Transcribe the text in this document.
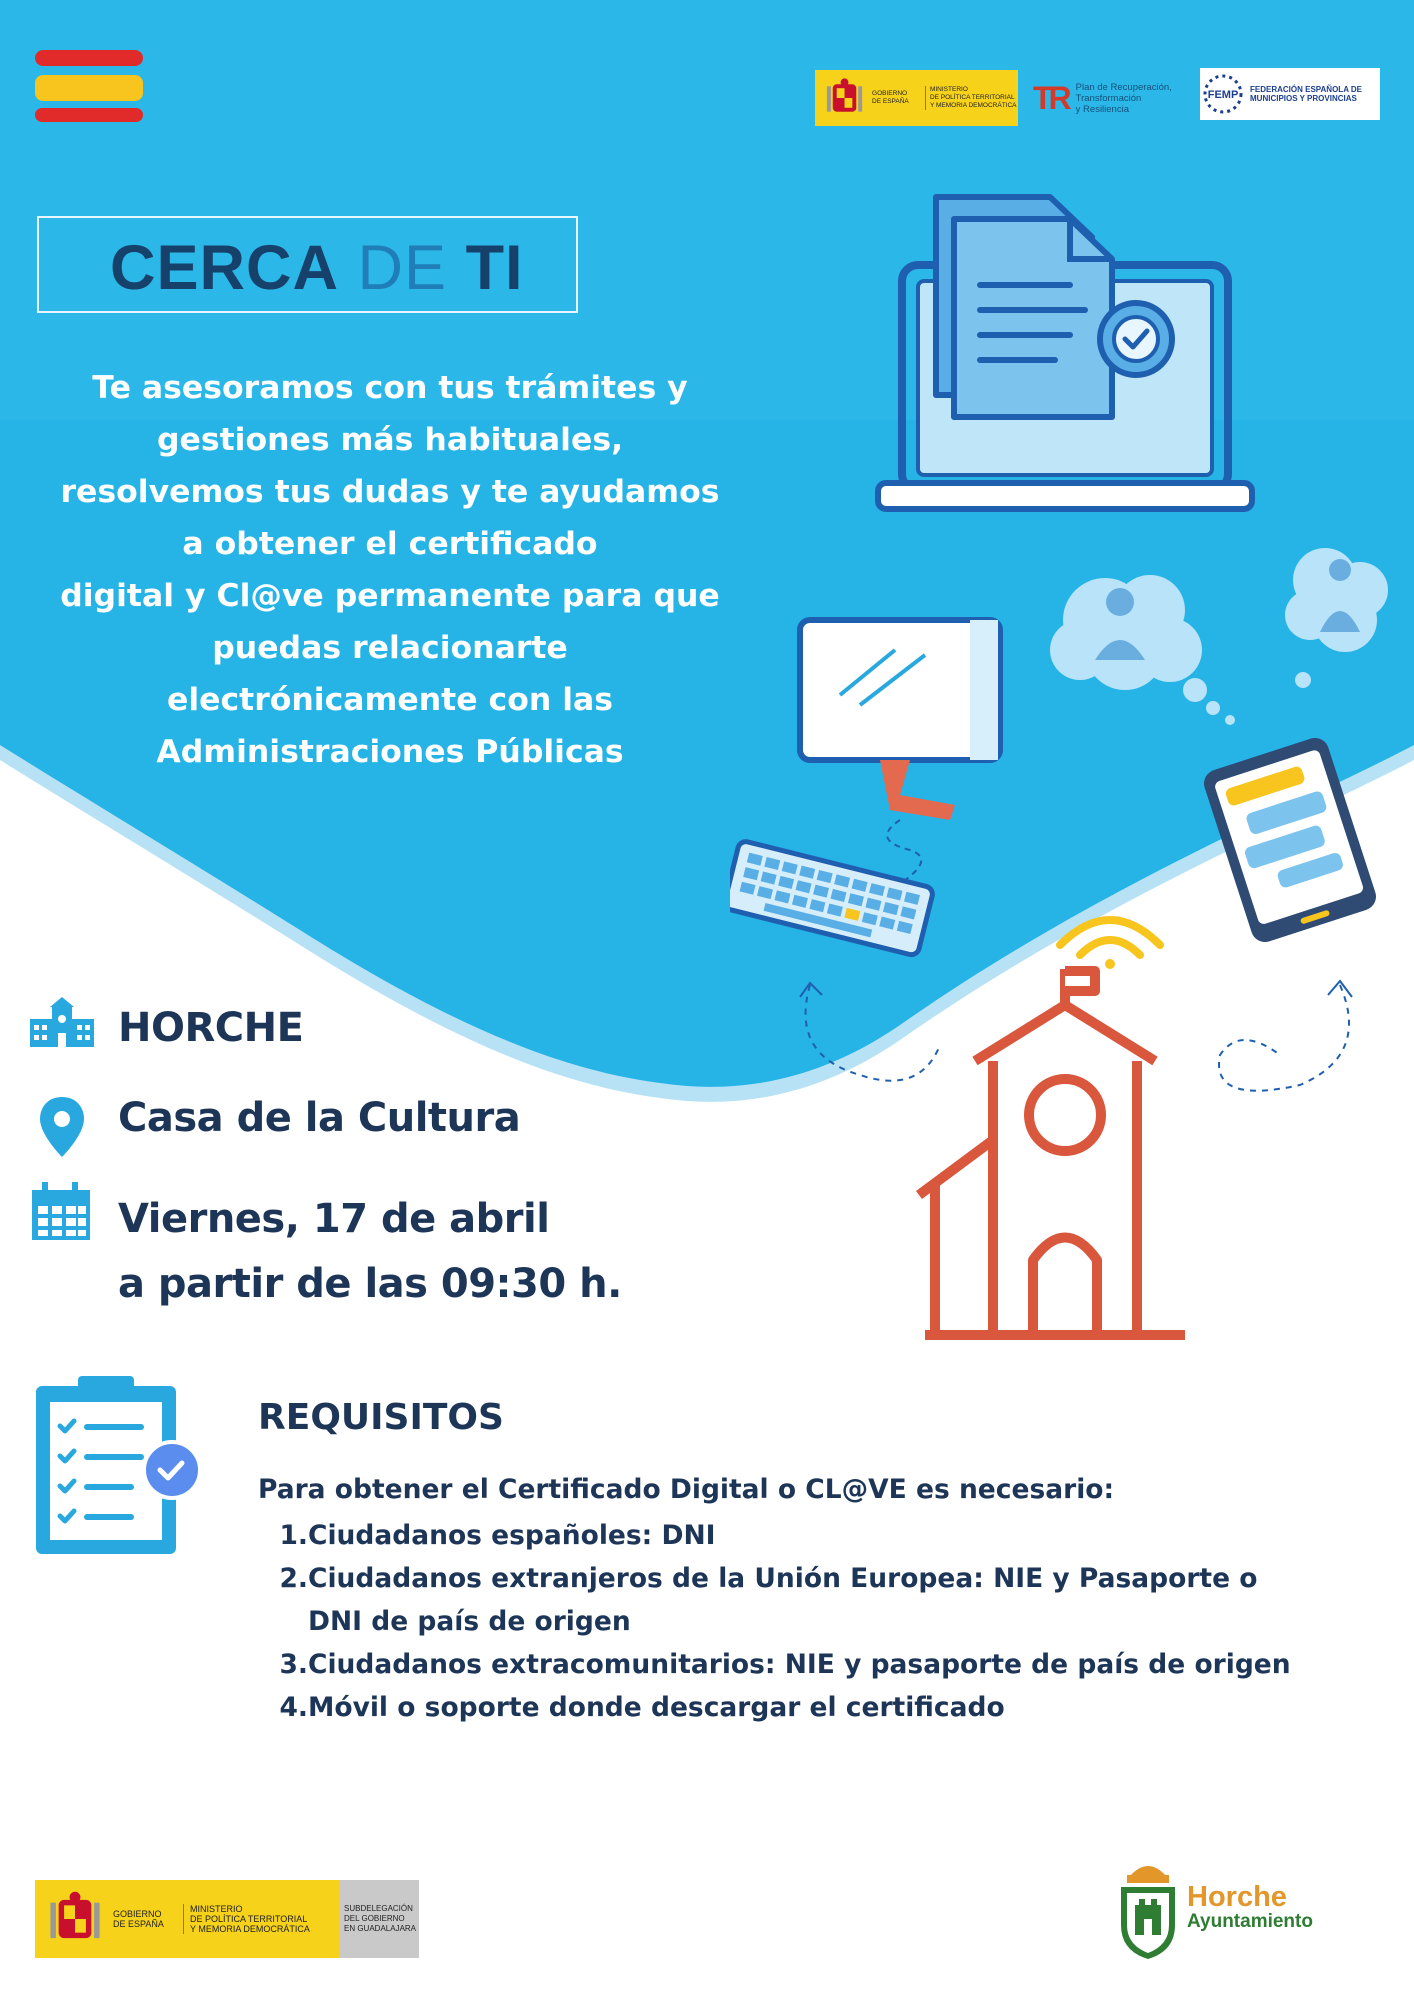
GOBIERNO
DE ESPAÑA
MINISTERIO
DE POLÍTICA TERRITORIAL
Y MEMORIA DEMOCRÁTICA TR Plan de Recuperación,
Transformación
y Resiliencia
FEMP FEDERACIÓN ESPAÑOLA DE
MUNICIPIOS Y PROVINCIAS
CERCA DE TI
Te asesoramos con tus trámites y
gestiones más habituales,
resolvemos tus dudas y te ayudamos
a obtener el certificado
digital y Cl@ve permanente para que
puedas relacionarte
electrónicamente con las
Administraciones Públicas
HORCHE
Casa de la Cultura
Viernes, 17 de abril
a partir de las 09:30 h.
REQUISITOS
Para obtener el Certificado Digital o CL@VE es necesario:
1. Ciudadanos españoles: DNI
2. Ciudadanos extranjeros de la Unión Europea: NIE y Pasaporte o
DNI de país de origen
3. Ciudadanos extracomunitarios: NIE y pasaporte de país de origen
4. Móvil o soporte donde descargar el certificado
GOBIERNO
DE ESPAÑA
MINISTERIO
DE POLÍTICA TERRITORIAL
Y MEMORIA DEMOCRÁTICA
SUBDELEGACIÓN
DEL GOBIERNO
EN GUADALAJARA
Horche
Ayuntamiento
